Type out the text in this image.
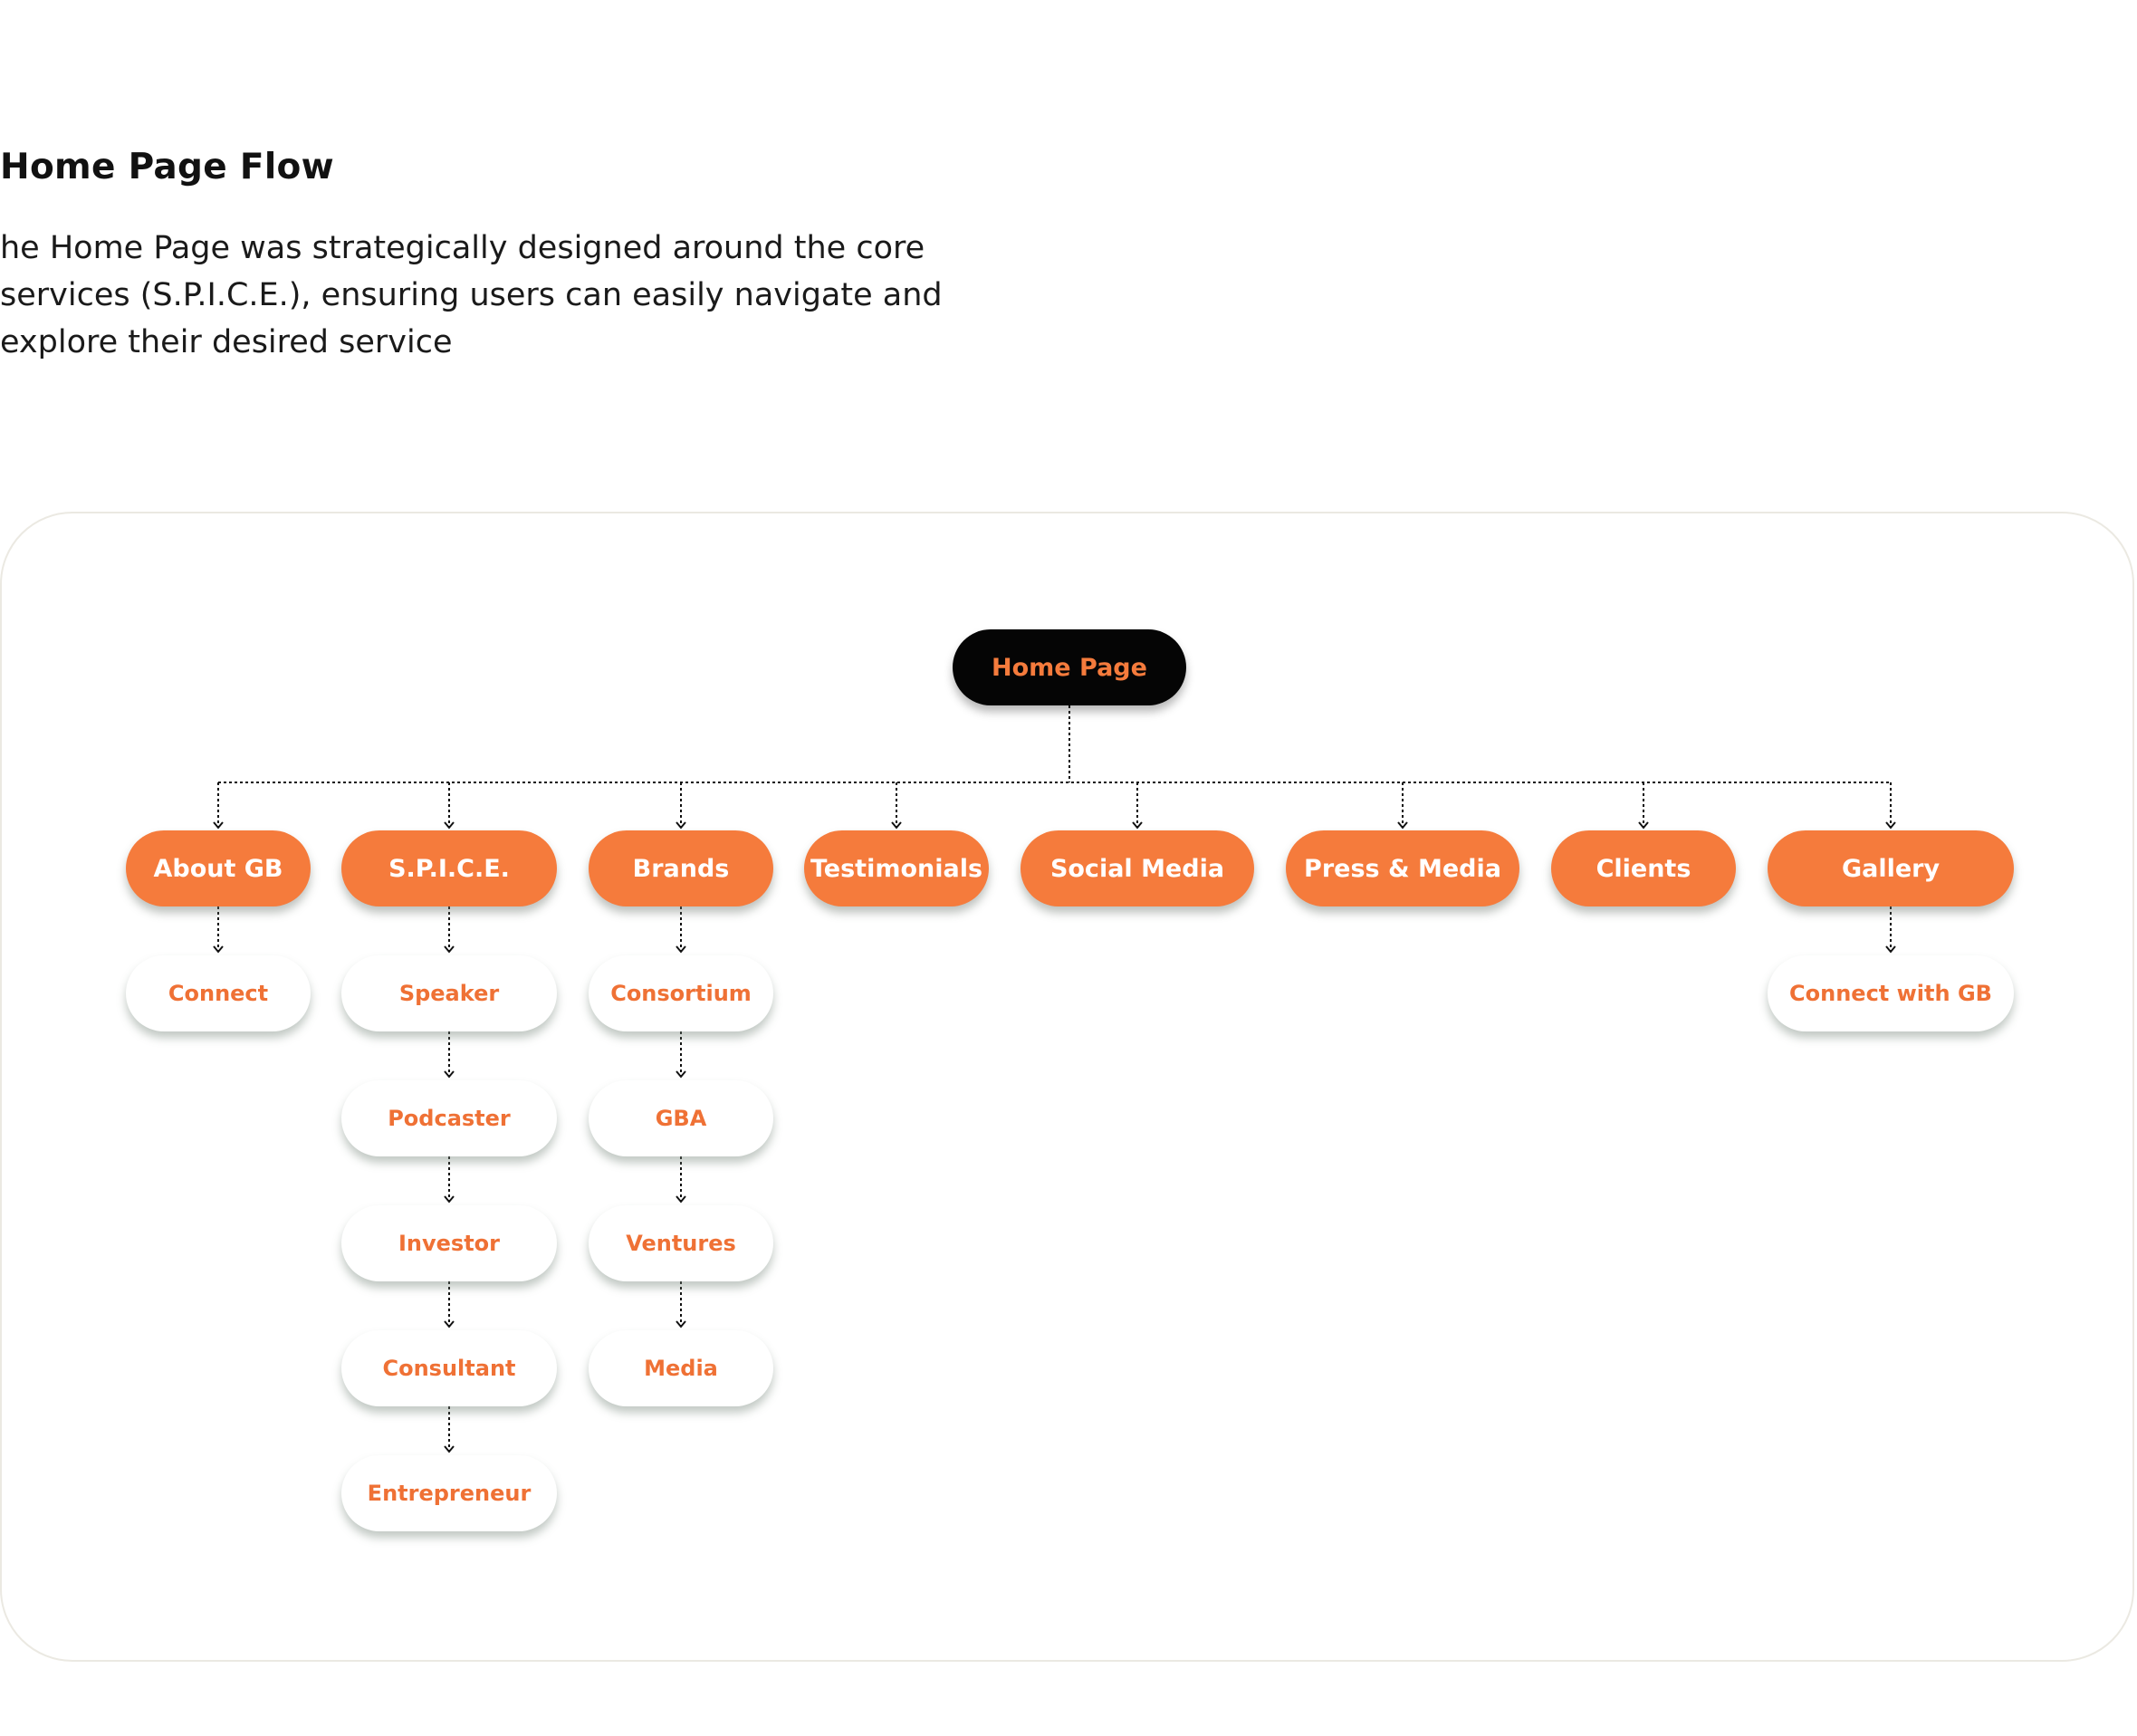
Home Page Flow
he Home Page was strategically designed around the core
services (S.P.I.C.E.), ensuring users can easily navigate and
explore their desired service
Home Page
About GB	S.P.I.C.E.	Brands	Testimonials	Social Media	Press & Media	Clients	Gallery
Connect	Speaker
Podcaster
Investor
Consultant
Entrepreneur
Consortium
GBA
Ventures
Media
Connect with GB
